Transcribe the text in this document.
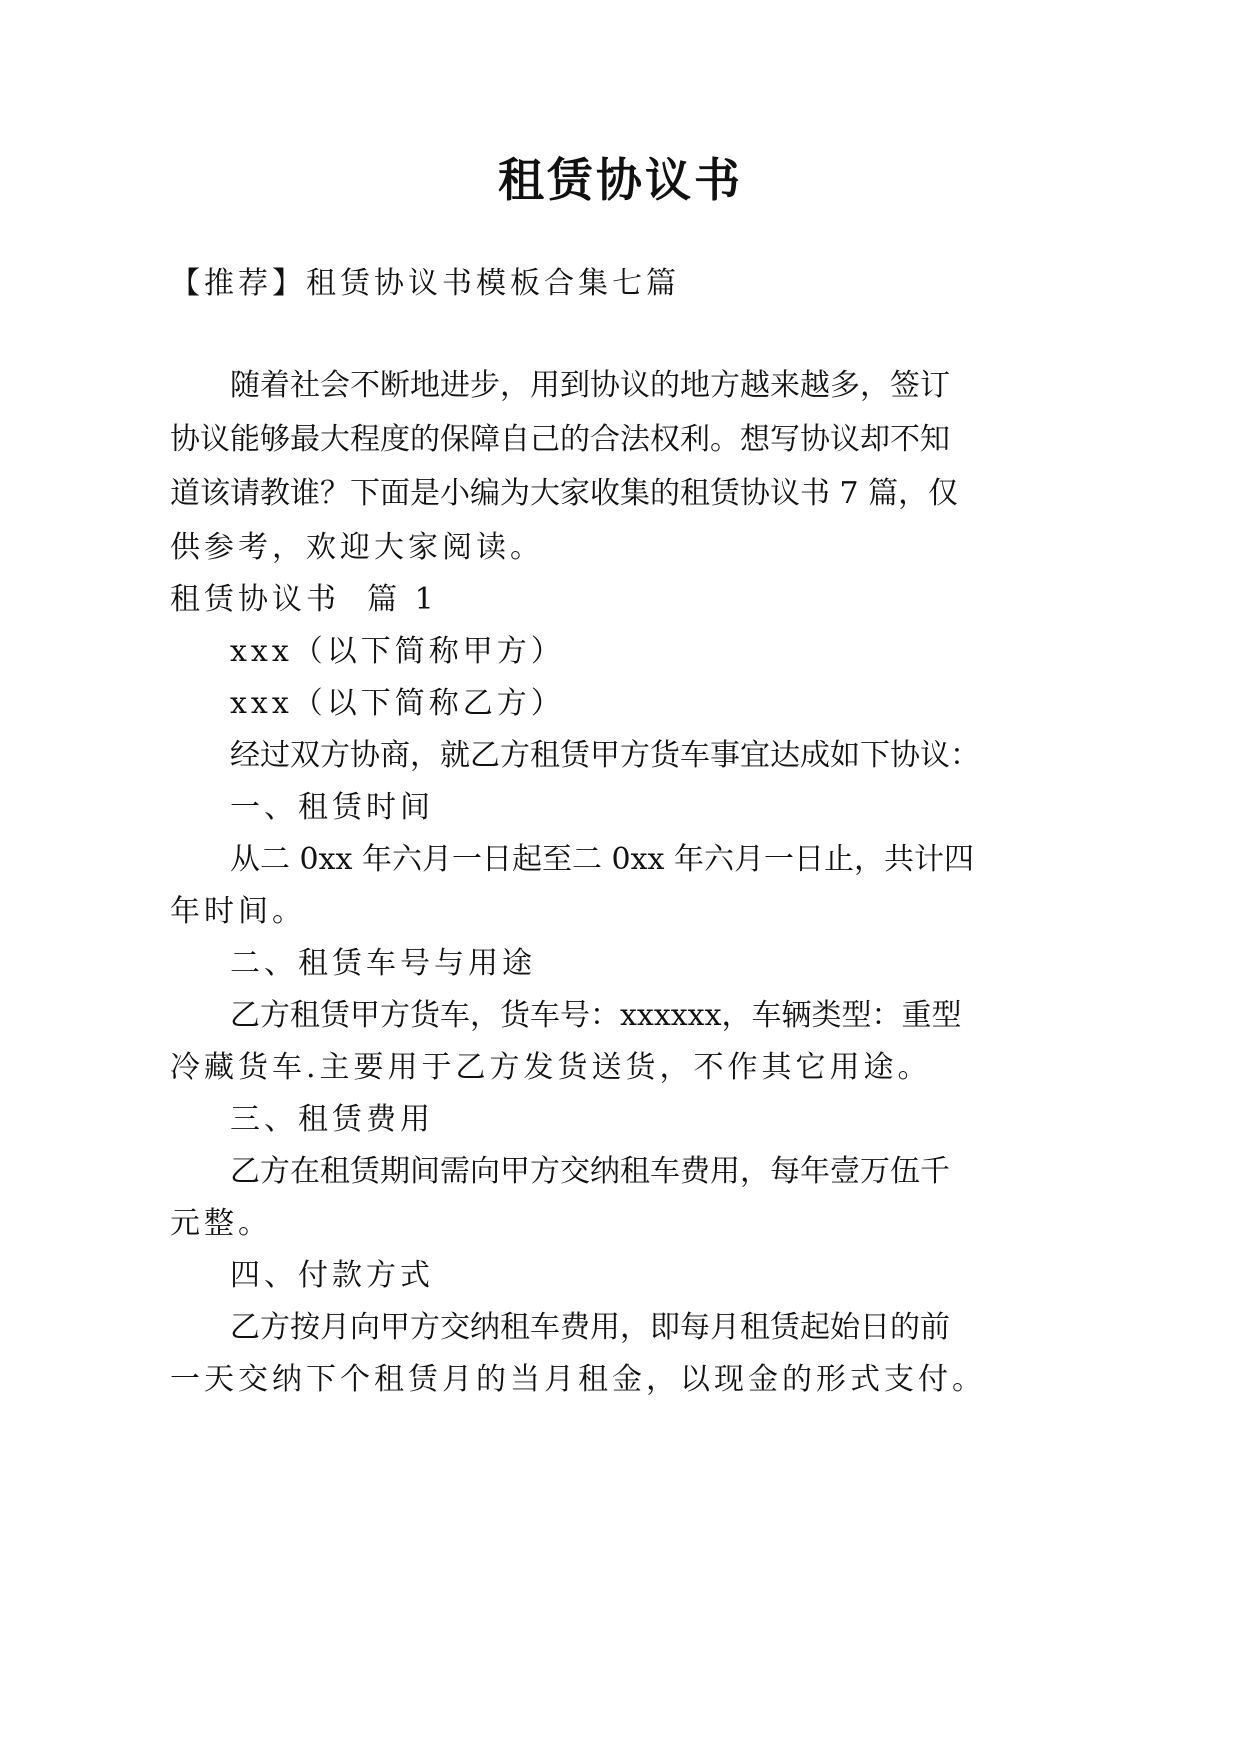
租赁协议书

【推荐】租赁协议书模板合集七篇

随着社会不断地进步，用到协议的地方越来越多，签订

协议能够最大程度的保障自己的合法权利。想写协议却不知

道该请教谁？下面是小编为大家收集的租赁协议书 7 篇，仅

供参考，欢迎大家阅读。

租赁协议书  篇 1

xxx（以下简称甲方）

xxx（以下简称乙方）

经过双方协商，就乙方租赁甲方货车事宜达成如下协议：

一、租赁时间

从二 0xx 年六月一日起至二 0xx 年六月一日止，共计四

年时间。

二、租赁车号与用途

乙方租赁甲方货车，货车号：xxxxxx，车辆类型：重型

冷藏货车.主要用于乙方发货送货，不作其它用途。

三、租赁费用

乙方在租赁期间需向甲方交纳租车费用，每年壹万伍千

元整。

四、付款方式

乙方按月向甲方交纳租车费用，即每月租赁起始日的前

一天交纳下个租赁月的当月租金，以现金的形式支付。
